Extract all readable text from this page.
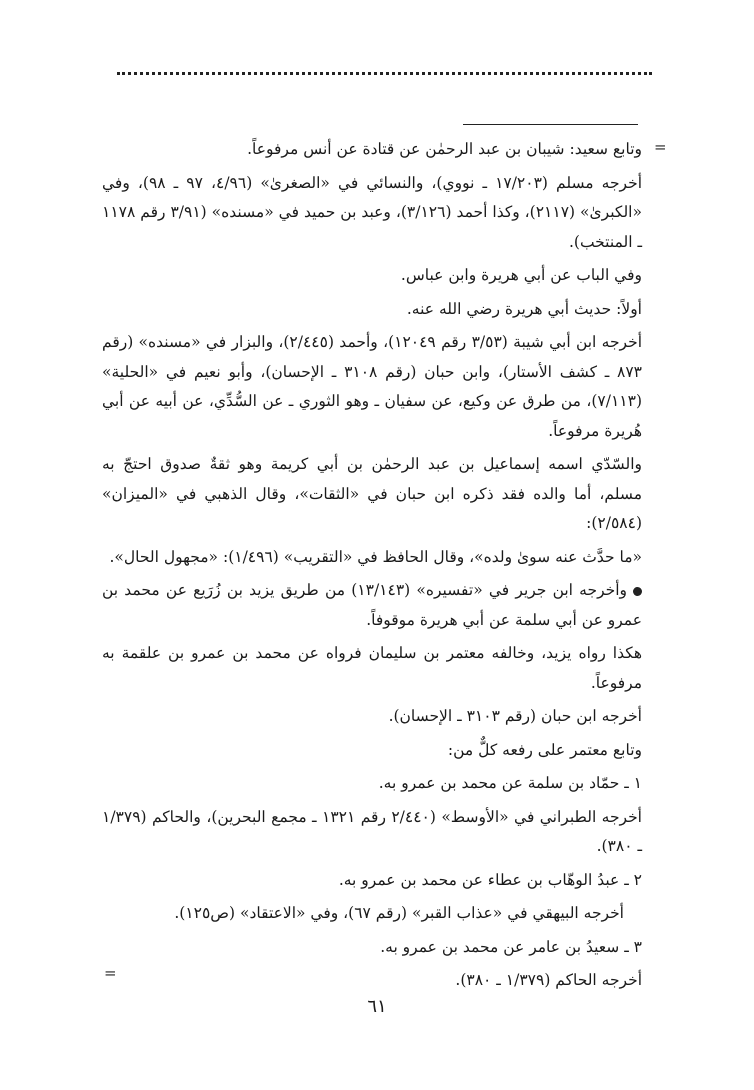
=

وتابع سعيد: شيبان بن عبد الرحمٰن عن قتادة عن أنس مرفوعاً.

أخرجه مسلم (١٧/٢٠٣ ـ نووي)، والنسائي في «الصغرىٰ» (٤/٩٦، ٩٧ ـ ٩٨)، وفي «الكبرىٰ» (٢١١٧)، وكذا أحمد (٣/١٢٦)، وعبد بن حميد في «مسنده» (٣/٩١ رقم ١١٧٨ ـ المنتخب).

وفي الباب عن أبي هريرة وابن عباس.

أولاً: حديث أبي هريرة رضي الله عنه.

أخرجه ابن أبي شيبة (٣/٥٣ رقم ١٢٠٤٩)، وأحمد (٢/٤٤٥)، والبزار في «مسنده» (رقم ٨٧٣ ـ كشف الأستار)، وابن حبان (رقم ٣١٠٨ ـ الإحسان)، وأبو نعيم في «الحلية» (٧/١١٣)، من طرق عن وكيع، عن سفيان ـ وهو الثوري ـ عن السُّدِّي، عن أبيه عن أبي هُريرة مرفوعاً.

والسّدّي اسمه إسماعيل بن عبد الرحمٰن بن أبي كريمة وهو ثقةٌ صدوق احتجّ به مسلم، أما والده فقد ذكره ابن حبان في «الثقات»، وقال الذهبي في «الميزان» (٢/٥٨٤):

«ما حدَّث عنه سوىٰ ولده»، وقال الحافظ في «التقريب» (١/٤٩٦): «مجهول الحال».

وأخرجه ابن جرير في «تفسيره» (١٣/١٤٣) من طريق يزيد بن زُرَيع عن محمد بن عمرو عن أبي سلمة عن أبي هريرة موقوفاً.

هكذا رواه يزيد، وخالفه معتمر بن سليمان فرواه عن محمد بن عمرو بن علقمة به مرفوعاً.

أخرجه ابن حبان (رقم ٣١٠٣ ـ الإحسان).

وتابع معتمر على رفعه كلٌّ من:

١ ـ حمّاد بن سلمة عن محمد بن عمرو به.

أخرجه الطبراني في «الأوسط» (٢/٤٤٠ رقم ١٣٢١ ـ مجمع البحرين)، والحاكم (١/٣٧٩ ـ ٣٨٠).

٢ ـ عبدُ الوهّاب بن عطاء عن محمد بن عمرو به.

أخرجه البيهقي في «عذاب القبر» (رقم ٦٧)، وفي «الاعتقاد» (ص١٢٥).

٣ ـ سعيدُ بن عامر عن محمد بن عمرو به.

أخرجه الحاكم (١/٣٧٩ ـ ٣٨٠).

=
٦١
